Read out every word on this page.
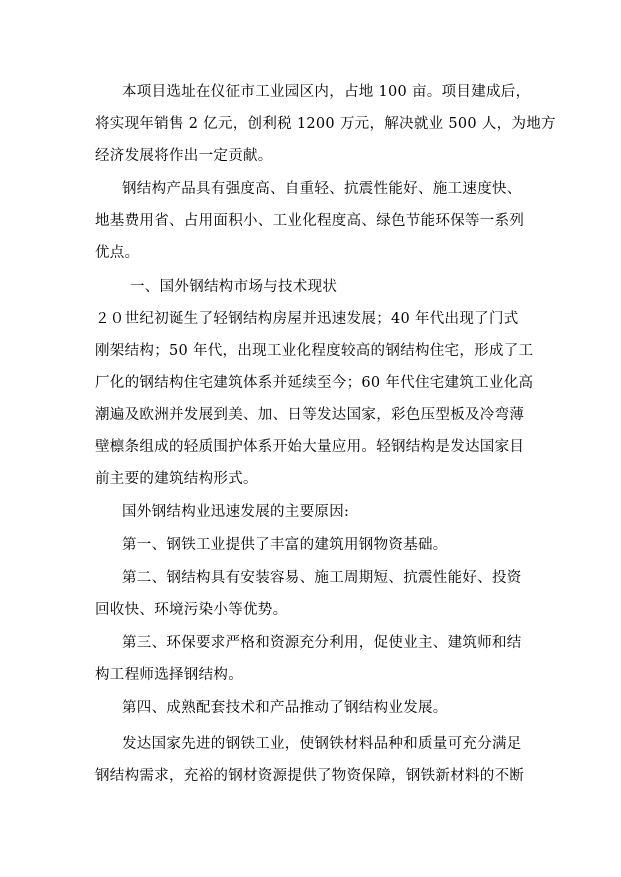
本项目选址在仪征市工业园区内，占地 100 亩。项目建成后，
将实现年销售 2 亿元，创利税 1200 万元，解决就业 500 人，为地方
经济发展将作出一定贡献。
钢结构产品具有强度高、自重轻、抗震性能好、施工速度快、
地基费用省、占用面积小、工业化程度高、绿色节能环保等一系列
优点。
一、国外钢结构市场与技术现状
２０世纪初诞生了轻钢结构房屋并迅速发展；40 年代出现了门式
刚架结构；50 年代，出现工业化程度较高的钢结构住宅，形成了工
厂化的钢结构住宅建筑体系并延续至今；60 年代住宅建筑工业化高
潮遍及欧洲并发展到美、加、日等发达国家，彩色压型板及冷弯薄
壁檩条组成的轻质围护体系开始大量应用。轻钢结构是发达国家目
前主要的建筑结构形式。
国外钢结构业迅速发展的主要原因:
第一、钢铁工业提供了丰富的建筑用钢物资基础。
第二、钢结构具有安装容易、施工周期短、抗震性能好、投资
回收快、环境污染小等优势。
第三、环保要求严格和资源充分利用，促使业主、建筑师和结
构工程师选择钢结构。
第四、成熟配套技术和产品推动了钢结构业发展。
发达国家先进的钢铁工业，使钢铁材料品种和质量可充分满足
钢结构需求，充裕的钢材资源提供了物资保障，钢铁新材料的不断
